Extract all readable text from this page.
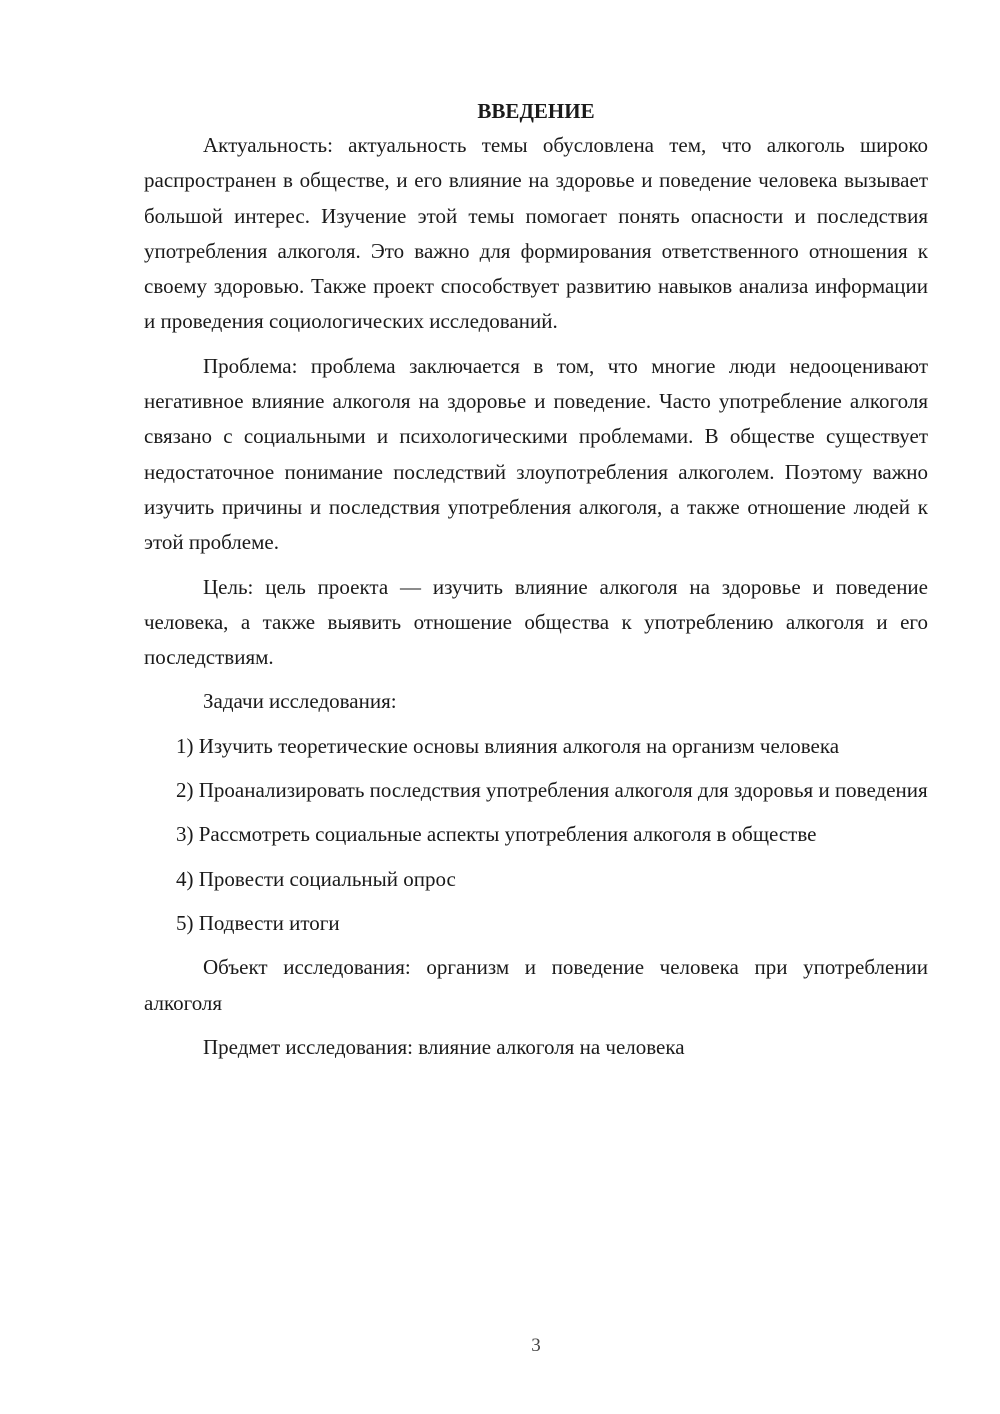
ВВЕДЕНИЕ

Актуальность: актуальность темы обусловлена тем, что алкоголь широко распространен в обществе, и его влияние на здоровье и поведение человека вызывает большой интерес. Изучение этой темы помогает понять опасности и последствия употребления алкоголя. Это важно для формирования ответственного отношения к своему здоровью. Также проект способствует развитию навыков анализа информации и проведения социологических исследований.

Проблема: проблема заключается в том, что многие люди недооценивают негативное влияние алкоголя на здоровье и поведение. Часто употребление алкоголя связано с социальными и психологическими проблемами. В обществе существует недостаточное понимание последствий злоупотребления алкоголем. Поэтому важно изучить причины и последствия употребления алкоголя, а также отношение людей к этой проблеме.

Цель: цель проекта — изучить влияние алкоголя на здоровье и поведение человека, а также выявить отношение общества к употреблению алкоголя и его последствиям.

Задачи исследования:

1) Изучить теоретические основы влияния алкоголя на организм человека
2) Проанализировать последствия употребления алкоголя для здоровья и поведения
3) Рассмотреть социальные аспекты употребления алкоголя в обществе
4) Провести социальный опрос
5) Подвести итоги

Объект исследования: организм и поведение человека при употреблении алкоголя

Предмет исследования: влияние алкоголя на человека

3
